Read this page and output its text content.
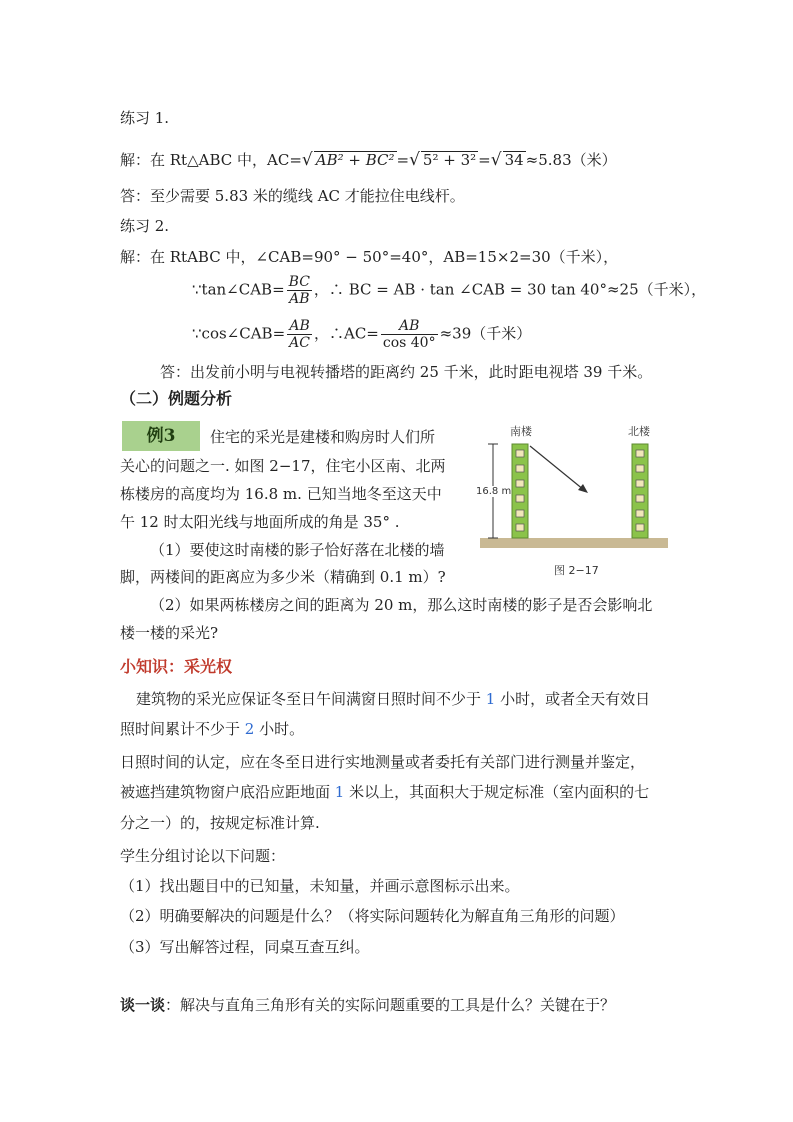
练习 1.
解：在 Rt△ABC 中，AC=√ AB² + BC² =√ 5² + 3² =√ 34 ≈5.83（米）
答：至少需要 5.83 米的缆线 AC 才能拉住电线杆。
练习 2.
解：在 RtABC 中，∠CAB=90° − 50°=40°，AB=15×2=30（千米），
∵tan∠CAB= $\frac{BC}{AB}$ ，∴ BC = AB · tan ∠CAB = 30 tan 40°≈25（千米），
∵cos∠CAB= $\frac{AB}{AC}$ ，∴AC= $\frac{AB}{\cos 40^\circ} \approx 39$（千米）
答：出发前小明与电视转播塔的距离约 25 千米，此时距电视塔 39 千米。
（二）例题分析
例3	住宅的采光是建楼和购房时人们所
关心的问题之一. 如图 2−17，住宅小区南、北两
栋楼房的高度均为 16.8 m. 已知当地冬至这天中
午 12 时太阳光线与地面所成的角是 35° .
（1）要使这时南楼的影子恰好落在北楼的墙
脚，两楼间的距离应为多少米（精确到 0.1 m）?
（2）如果两栋楼房之间的距离为 20 m，那么这时南楼的影子是否会影响北
楼一楼的采光?
南楼	北楼
16.8 m
图 2−17
小知识：采光权
建筑物的采光应保证冬至日午间满窗日照时间不少于 1 小时，或者全天有效日
照时间累计不少于 2 小时。
日照时间的认定，应在冬至日进行实地测量或者委托有关部门进行测量并鉴定，
被遮挡建筑物窗户底沿应距地面 1 米以上，其面积大于规定标准（室内面积的七
分之一）的，按规定标准计算.
学生分组讨论以下问题：
（1）找出题目中的已知量，未知量，并画示意图标示出来。
（2）明确要解决的问题是什么？（将实际问题转化为解直角三角形的问题）
（3）写出解答过程，同桌互查互纠。
谈一谈：解决与直角三角形有关的实际问题重要的工具是什么？关键在于？
